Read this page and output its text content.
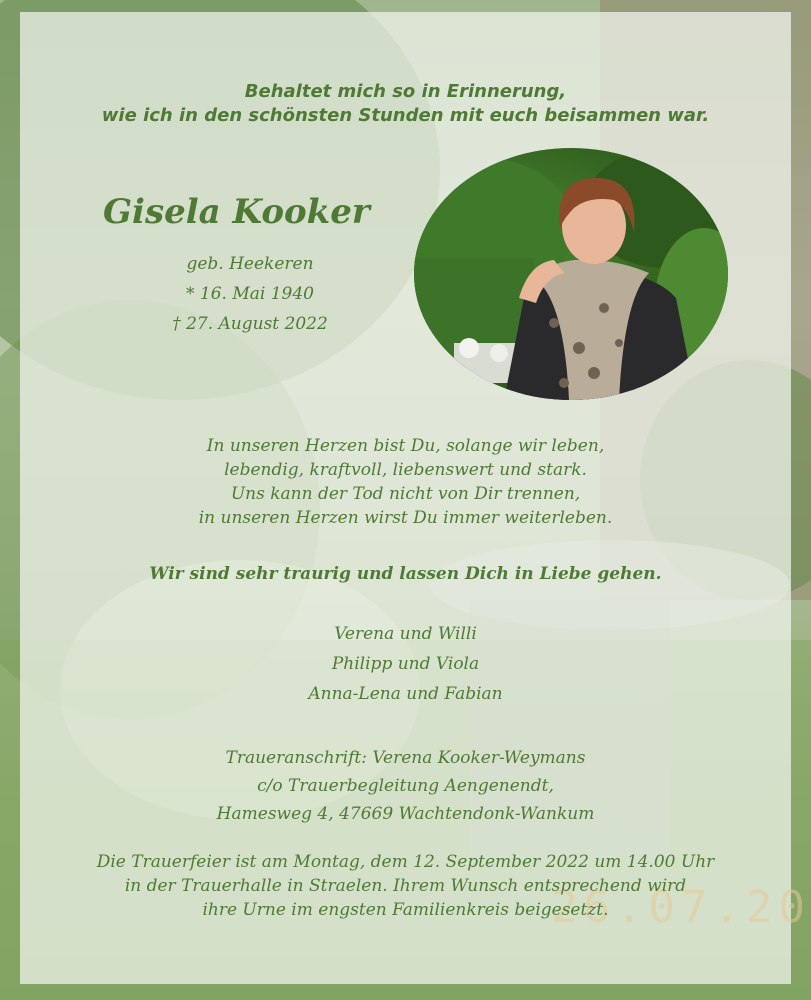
26.07.20

Behaltet mich so in Erinnerung,
wie ich in den schönsten Stunden mit euch beisammen war.

Gisela Kooker

geb. Heekeren

* 16. Mai 1940

† 27. August 2022

In unseren Herzen bist Du, solange wir leben,
lebendig, kraftvoll, liebenswert und stark.
Uns kann der Tod nicht von Dir trennen,
in unseren Herzen wirst Du immer weiterleben.

Wir sind sehr traurig und lassen Dich in Liebe gehen.

Verena und Willi

Philipp und Viola

Anna-Lena und Fabian

Traueranschrift: Verena Kooker-Weymans
c/o Trauerbegleitung Aengenendt,
Hamesweg 4, 47669 Wachtendonk-Wankum

Die Trauerfeier ist am Montag, dem 12. September 2022 um 14.00 Uhr
in der Trauerhalle in Straelen. Ihrem Wunsch entsprechend wird
ihre Urne im engsten Familienkreis beigesetzt.
